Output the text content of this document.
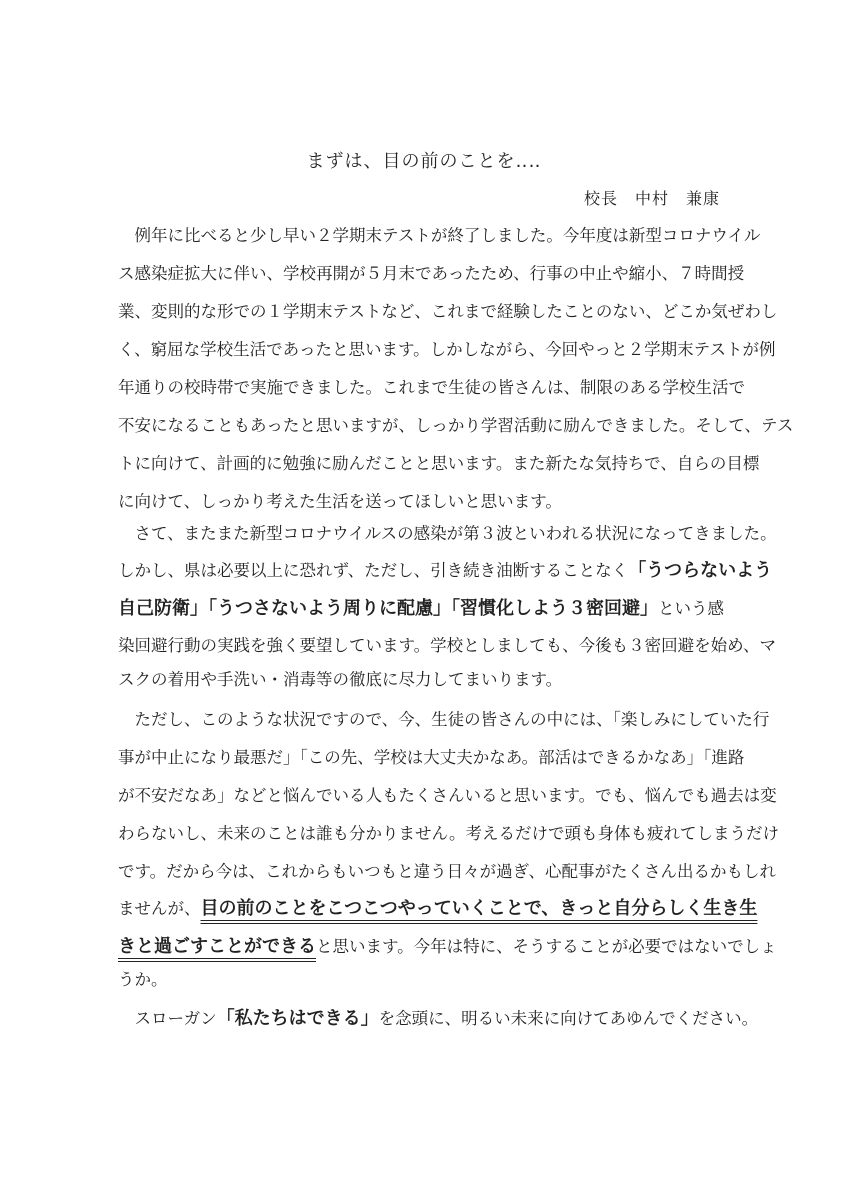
まずは、目の前のことを‥‥
校長　中村　兼康
　例年に比べると少し早い２学期末テストが終了しました。今年度は新型コロナウイル
ス感染症拡大に伴い、学校再開が５月末であったため、行事の中止や縮小、７時間授
業、変則的な形での１学期末テストなど、これまで経験したことのない、どこか気ぜわし
く、窮屈な学校生活であったと思います。しかしながら、今回やっと２学期末テストが例
年通りの校時帯で実施できました。これまで生徒の皆さんは、制限のある学校生活で
不安になることもあったと思いますが、しっかり学習活動に励んできました。そして、テス
トに向けて、計画的に勉強に励んだことと思います。また新たな気持ちで、自らの目標
に向けて、しっかり考えた生活を送ってほしいと思います。
　さて、またまた新型コロナウイルスの感染が第３波といわれる状況になってきました。
しかし、県は必要以上に恐れず、ただし、引き続き油断することなく「うつらないよう
自己防衛」「うつさないよう周りに配慮」「習慣化しよう３密回避」という感
染回避行動の実践を強く要望しています。学校としましても、今後も３密回避を始め、マ
スクの着用や手洗い・消毒等の徹底に尽力してまいります。
　ただし、このような状況ですので、今、生徒の皆さんの中には、「楽しみにしていた行
事が中止になり最悪だ」「この先、学校は大丈夫かなあ。部活はできるかなあ」「進路
が不安だなあ」などと悩んでいる人もたくさんいると思います。でも、悩んでも過去は変
わらないし、未来のことは誰も分かりません。考えるだけで頭も身体も疲れてしまうだけ
です。だから今は、これからもいつもと違う日々が過ぎ、心配事がたくさん出るかもしれ
ませんが、目の前のことをこつこつやっていくことで、きっと自分らしく生き生
きと過ごすことができると思います。今年は特に、そうすることが必要ではないでしょ
うか。
　スローガン「私たちはできる」を念頭に、明るい未来に向けてあゆんでください。
